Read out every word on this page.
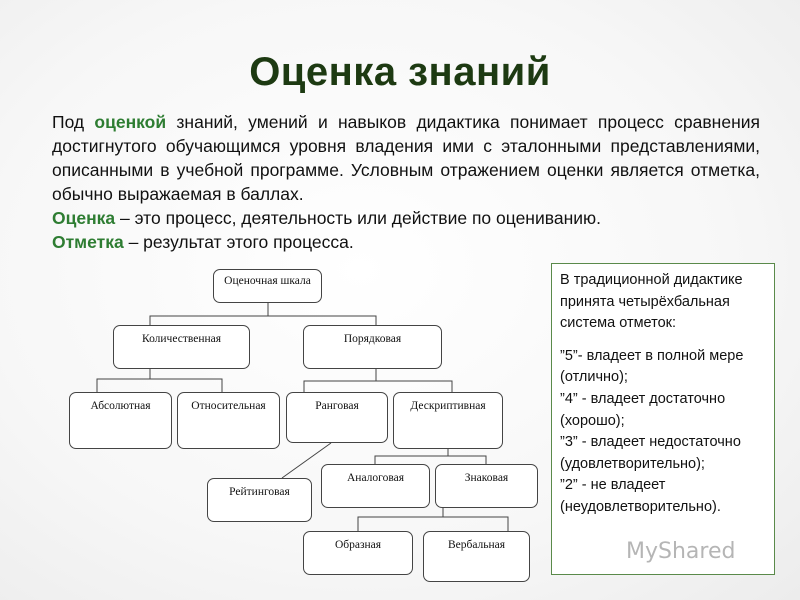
Оценка знаний

Под оценкой знаний, умений и навыков дидактика понимает процесс сравнения достигнутого обучающимся уровня владения ими с эталонными представлениями, описанными в учебной программе. Условным отражением оценки является отметка, обычно выражаемая в баллах.

Оценка – это процесс, деятельность или действие по оцениванию.

Отметка – результат этого процесса.

Оценочная шкала
Количественная	Порядковая
Абсолютная	Относительная	Ранговая	Дескриптивная
Рейтинговая
Аналоговая	Знаковая
Образная	Вербальная

В традиционной дидактике принята четырёхбальная система отметок:

”5”- владеет в полной мере (отлично);

”4” - владеет достаточно (хорошо);

”3” - владеет недостаточно (удовлетворительно);

”2” - не владеет (неудовлетворительно).

MyShared
